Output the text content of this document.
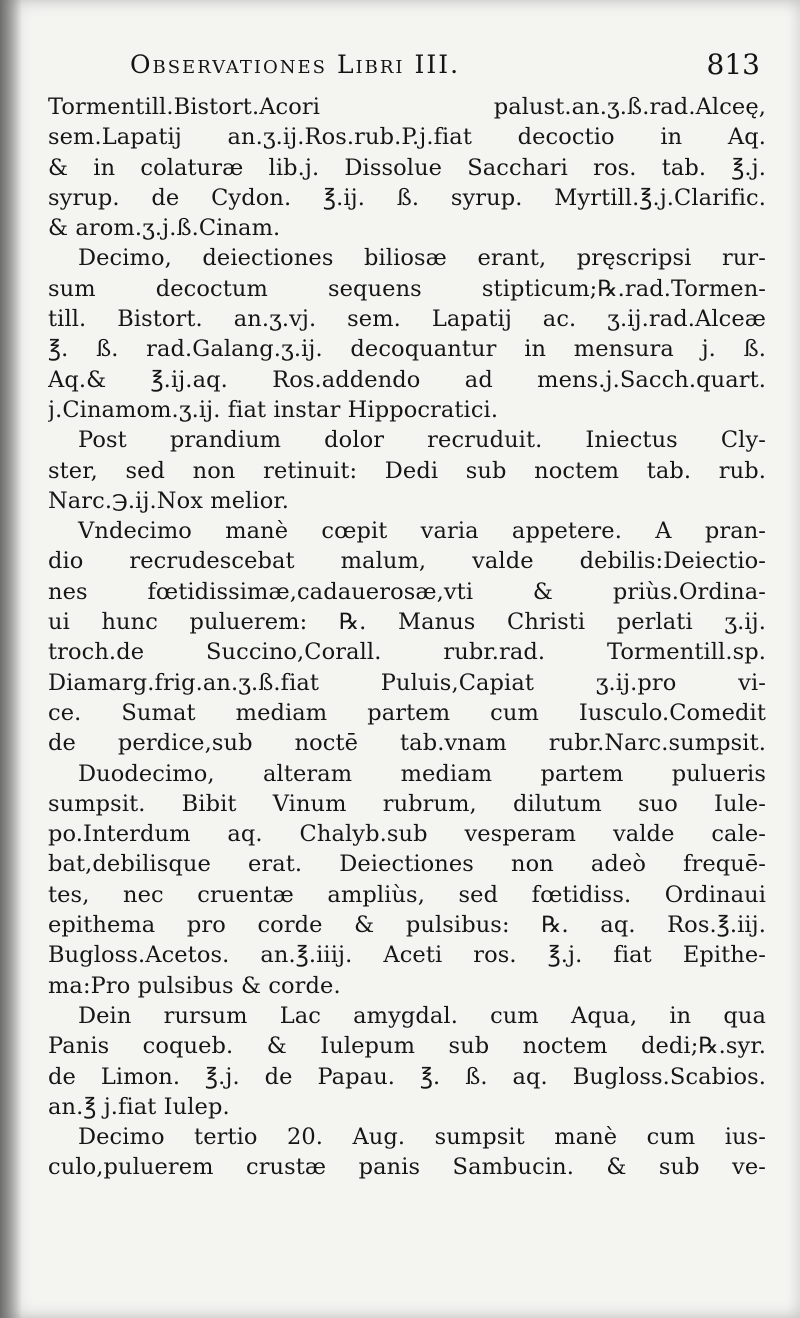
Observationes Libri III.	813
Tormentill.Bistort.Acori palust.an.ʒ.ß.rad.Alceę,
sem.Lapatij an.ʒ.ij.Ros.rub.P.j.fiat decoctio in Aq.
& in colaturæ lib.j. Dissolue Sacchari ros. tab. ℥.j.
syrup. de Cydon. ℥.ij. ß. syrup. Myrtill.℥.j.Clarific.
& arom.ʒ.j.ß.Cinam.
Decimo, deiectiones biliosæ erant, pręscripsi rur-
sum decoctum sequens stipticum;℞.rad.Tormen-
till. Bistort. an.ʒ.vj. sem. Lapatij ac. ʒ.ij.rad.Alceæ
℥. ß. rad.Galang.ʒ.ij. decoquantur in mensura j. ß.
Aq.& ℥.ij.aq. Ros.addendo ad mens.j.Sacch.quart.
j.Cinamom.ʒ.ij. fiat instar Hippocratici.
Post prandium dolor recruduit. Iniectus Cly-
ster, sed non retinuit: Dedi sub noctem tab. rub.
Narc.℈.ij.Nox melior.
Vndecimo manè cœpit varia appetere. A pran-
dio recrudescebat malum, valde debilis:Deiectio-
nes fœtidissimæ,cadauerosæ,vti & priùs.Ordina-
ui hunc puluerem: ℞. Manus Christi perlati ʒ.ij.
troch.de Succino,Corall. rubr.rad. Tormentill.sp.
Diamarg.frig.an.ʒ.ß.fiat Puluis,Capiat ʒ.ij.pro vi-
ce. Sumat mediam partem cum Iusculo.Comedit
de perdice,sub noctē tab.vnam rubr.Narc.sumpsit.
Duodecimo, alteram mediam partem pulueris
sumpsit. Bibit Vinum rubrum, dilutum suo Iule-
po.Interdum aq. Chalyb.sub vesperam valde cale-
bat,debilisque erat. Deiectiones non adeò frequē-
tes, nec cruentæ ampliùs, sed fœtidiss. Ordinaui
epithema pro corde & pulsibus: ℞. aq. Ros.℥.iij.
Bugloss.Acetos. an.℥.iiij. Aceti ros. ℥.j. fiat Epithe-
ma:Pro pulsibus & corde.
Dein rursum Lac amygdal. cum Aqua, in qua
Panis coqueb. & Iulepum sub noctem dedi;℞.syr.
de Limon. ℥.j. de Papau. ℥. ß. aq. Bugloss.Scabios.
an.℥ j.fiat Iulep.
Decimo tertio 20. Aug. sumpsit manè cum ius-
culo,puluerem crustæ panis Sambucin. & sub ve-
